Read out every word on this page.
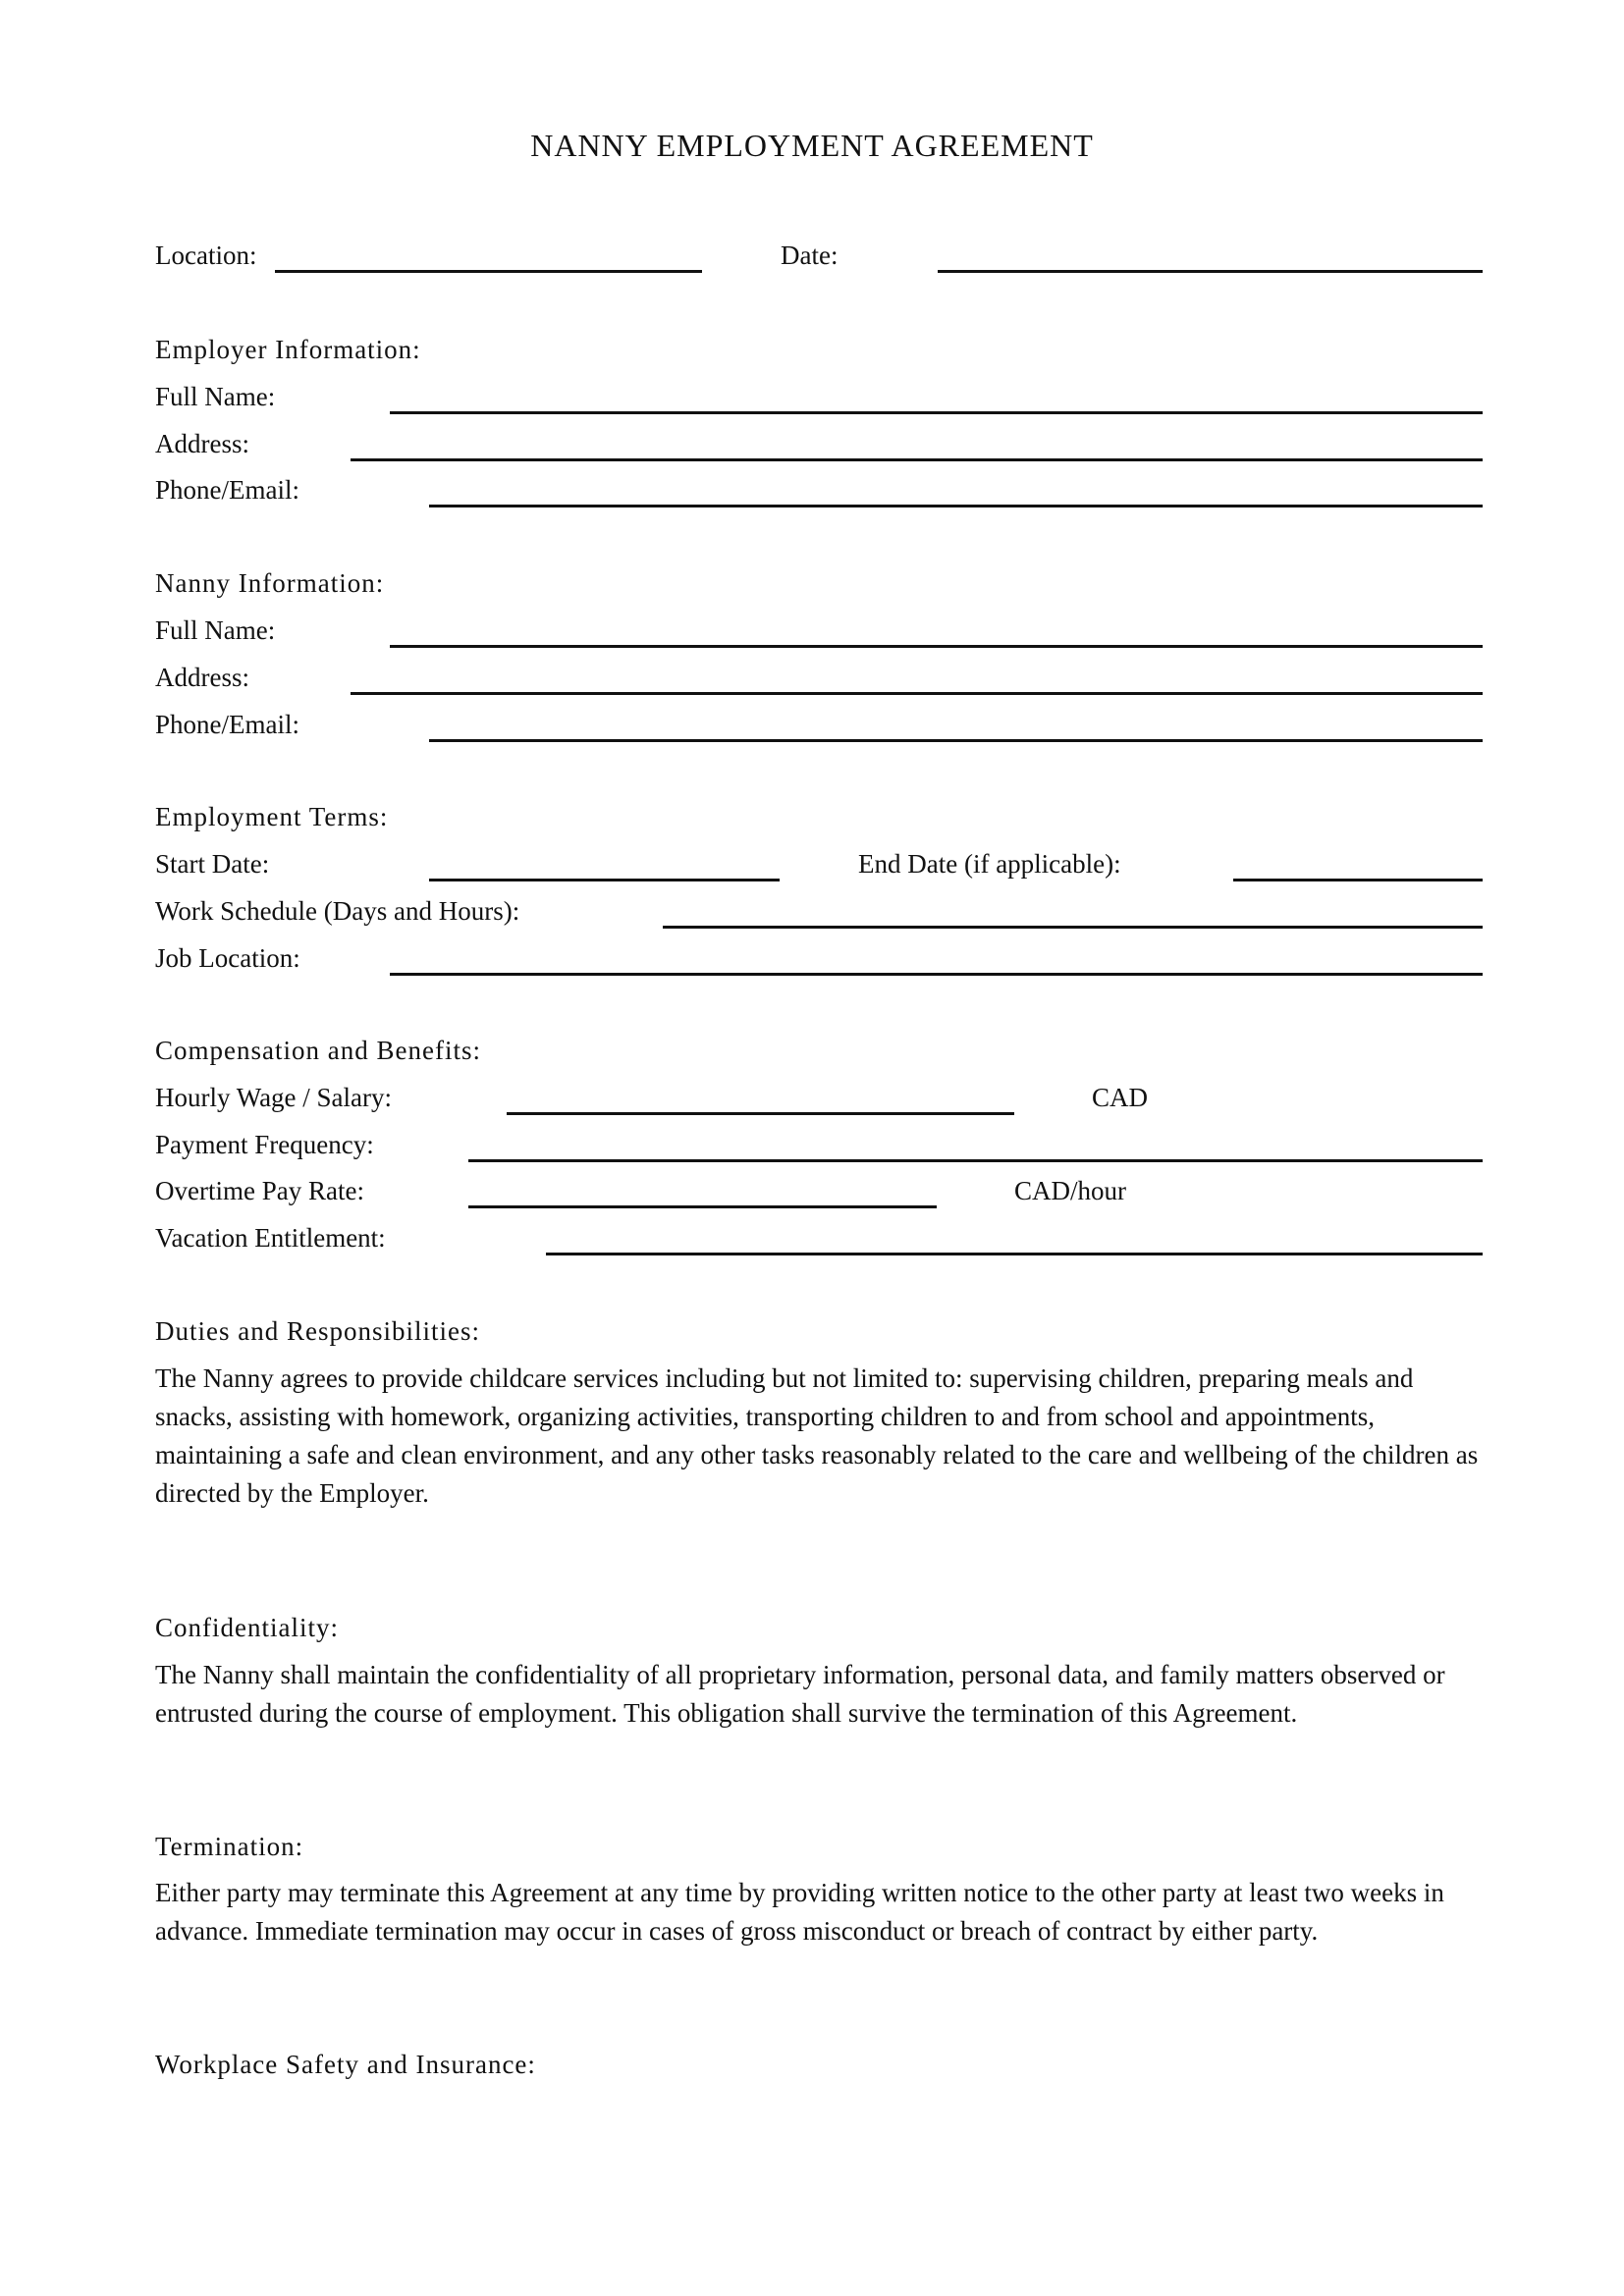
NANNY EMPLOYMENT AGREEMENT
Location:	Date:
Employer Information:
Full Name:
Address:
Phone/Email:
Nanny Information:
Full Name:
Address:
Phone/Email:
Employment Terms:
Start Date:	End Date (if applicable):
Work Schedule (Days and Hours):
Job Location:
Compensation and Benefits:
Hourly Wage / Salary:	CAD
Payment Frequency:
Overtime Pay Rate:	CAD/hour
Vacation Entitlement:
Duties and Responsibilities:
The Nanny agrees to provide childcare services including but not limited to: supervising children, preparing meals and snacks, assisting with homework, organizing activities, transporting children to and from school and appointments, maintaining a safe and clean environment, and any other tasks reasonably related to the care and wellbeing of the children as directed by the Employer.
Confidentiality:
The Nanny shall maintain the confidentiality of all proprietary information, personal data, and family matters observed or entrusted during the course of employment. This obligation shall survive the termination of this Agreement.
Termination:
Either party may terminate this Agreement at any time by providing written notice to the other party at least two weeks in advance. Immediate termination may occur in cases of gross misconduct or breach of contract by either party.
Workplace Safety and Insurance:
